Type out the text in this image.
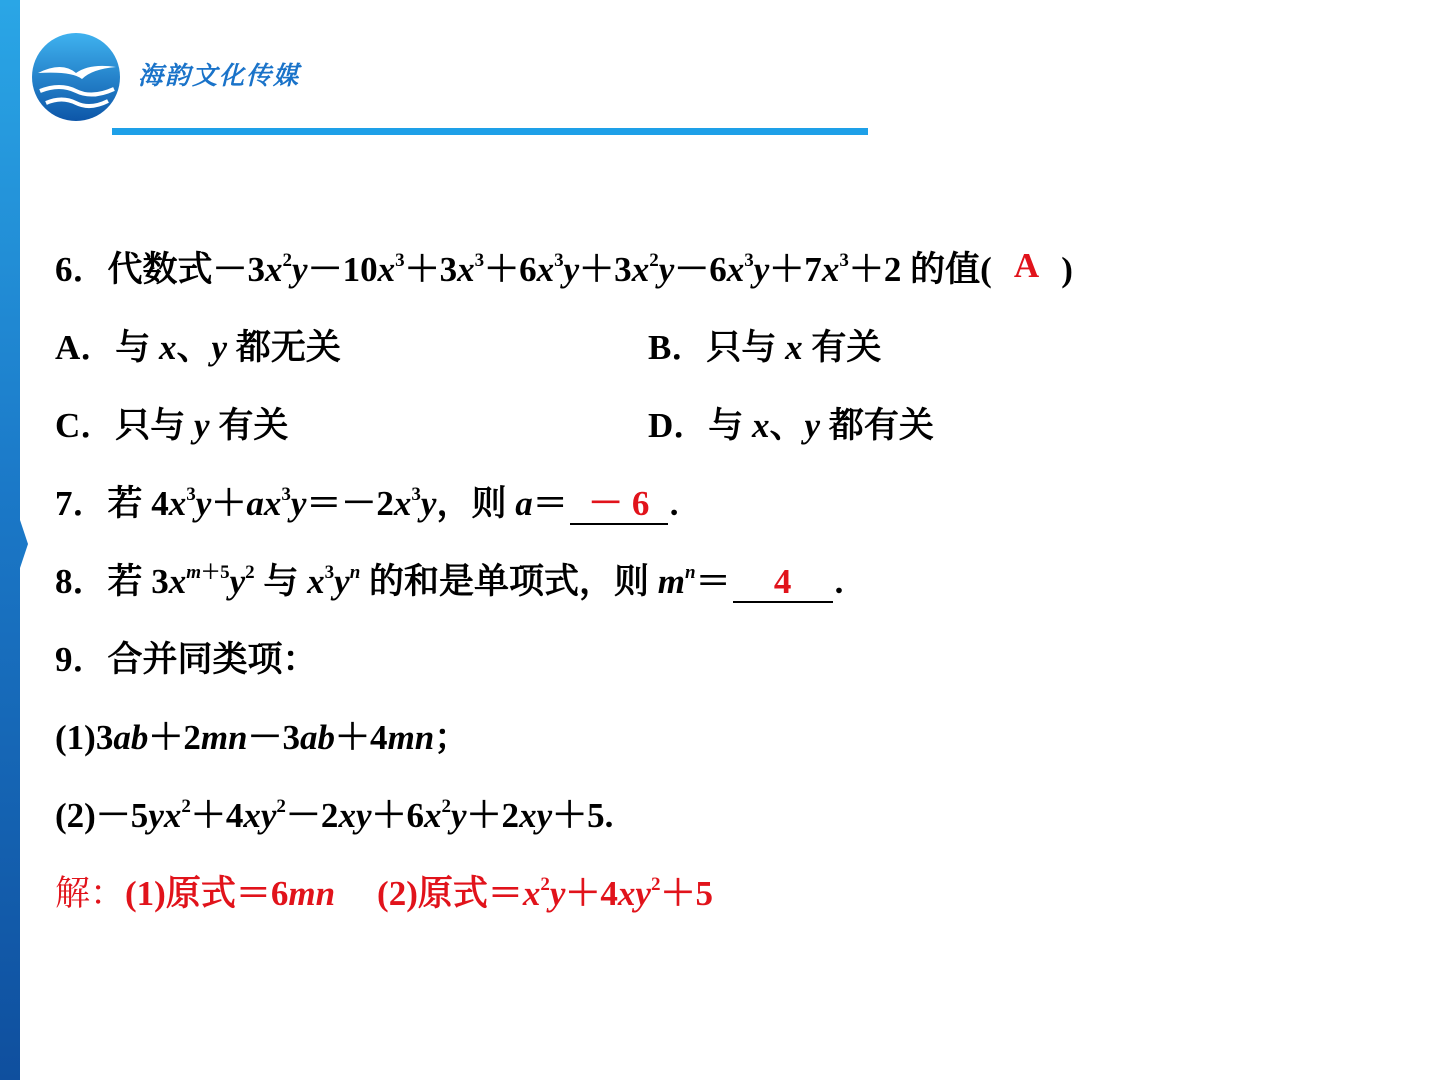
海韵文化传媒
6．代数式$-3x^2y-10x^3+3x^3+6x^3y+3x^2y-6x^3y+7x^3+2$ 的值( A )
A．与 x、y 都无关	B．只与 x 有关
C．只与 y 有关	D．与 x、y 都有关
7．若 $4x^3y+ax^3y=-2x^3y$，则 a＝ － 6 .
8．若 $3x^{m+5}y^2$ 与 $x^3y^n$ 的和是单项式，则 $m^n= 4$ .
9．合并同类项：
(1)3ab＋2mn－3ab＋4mn；
$(2)-5yx^2+4xy^2-2xy+6x^2y+2xy+5$.
解：(1)原式＝6mn (2)原式$=x^2y+4xy^2+5$
